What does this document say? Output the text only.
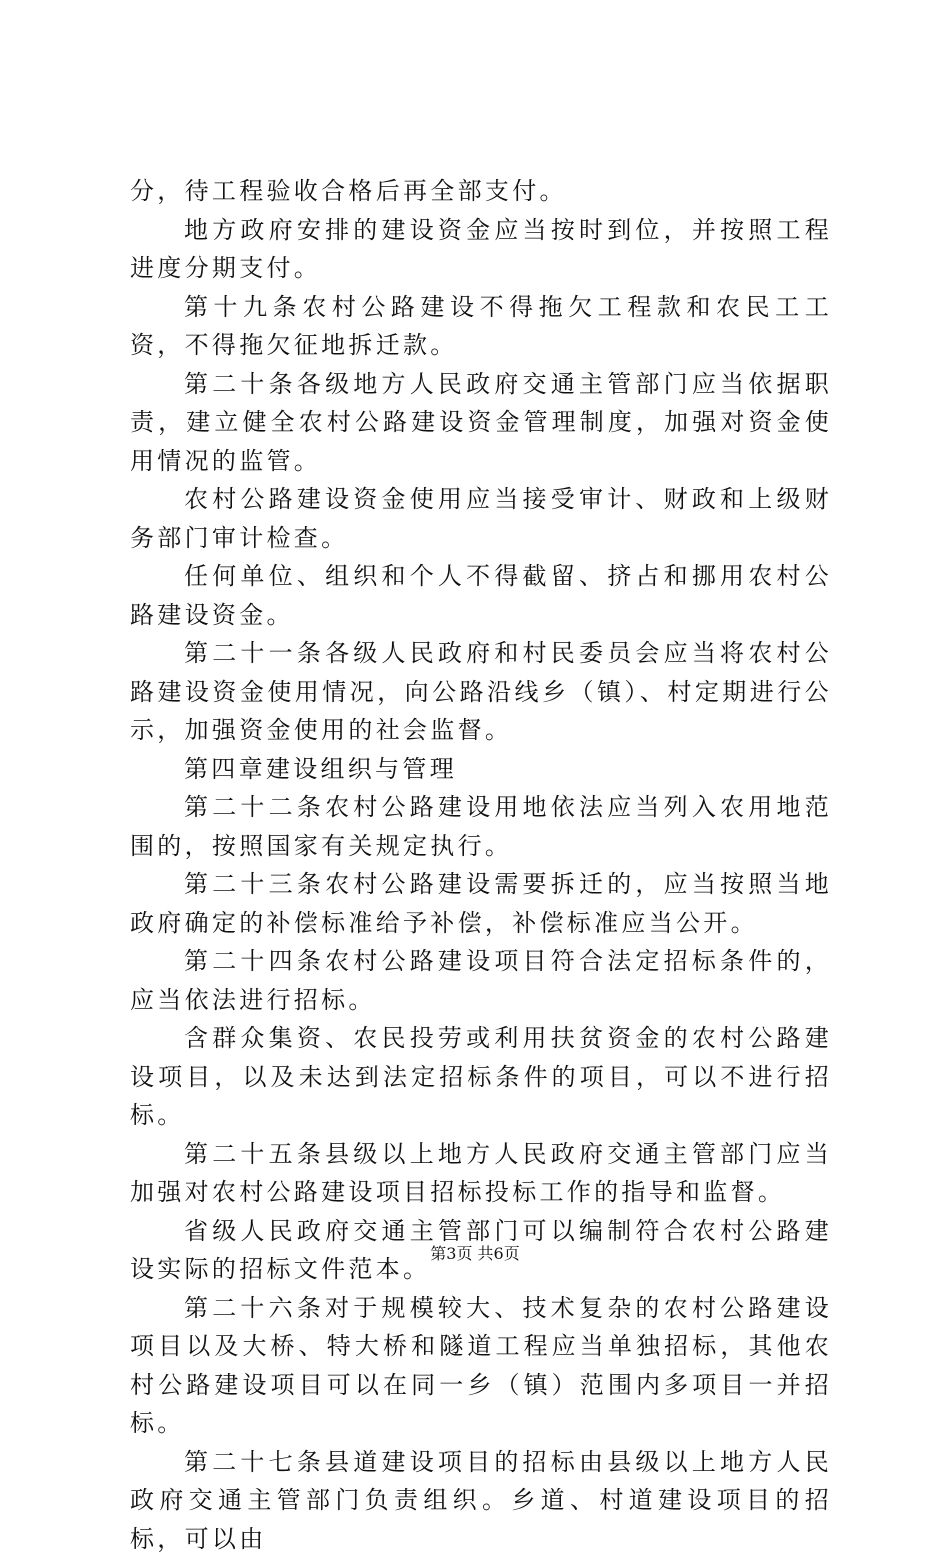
分，待工程验收合格后再全部支付。

地方政府安排的建设资金应当按时到位，并按照工程进度分期支付。

第十九条农村公路建设不得拖欠工程款和农民工工资，不得拖欠征地拆迁款。

第二十条各级地方人民政府交通主管部门应当依据职责，建立健全农村公路建设资金管理制度，加强对资金使用情况的监管。

农村公路建设资金使用应当接受审计、财政和上级财务部门审计检查。

任何单位、组织和个人不得截留、挤占和挪用农村公路建设资金。

第二十一条各级人民政府和村民委员会应当将农村公路建设资金使用情况，向公路沿线乡（镇）、村定期进行公示，加强资金使用的社会监督。

第四章建设组织与管理

第二十二条农村公路建设用地依法应当列入农用地范围的，按照国家有关规定执行。

第二十三条农村公路建设需要拆迁的，应当按照当地政府确定的补偿标准给予补偿，补偿标准应当公开。

第二十四条农村公路建设项目符合法定招标条件的，应当依法进行招标。

含群众集资、农民投劳或利用扶贫资金的农村公路建设项目，以及未达到法定招标条件的项目，可以不进行招标。

第二十五条县级以上地方人民政府交通主管部门应当加强对农村公路建设项目招标投标工作的指导和监督。

省级人民政府交通主管部门可以编制符合农村公路建设实际的招标文件范本。

第二十六条对于规模较大、技术复杂的农村公路建设项目以及大桥、特大桥和隧道工程应当单独招标，其他农村公路建设项目可以在同一乡（镇）范围内多项目一并招标。

第二十七条县道建设项目的招标由县级以上地方人民政府交通主管部门负责组织。乡道、村道建设项目的招标，可以由

第3页 共6页
